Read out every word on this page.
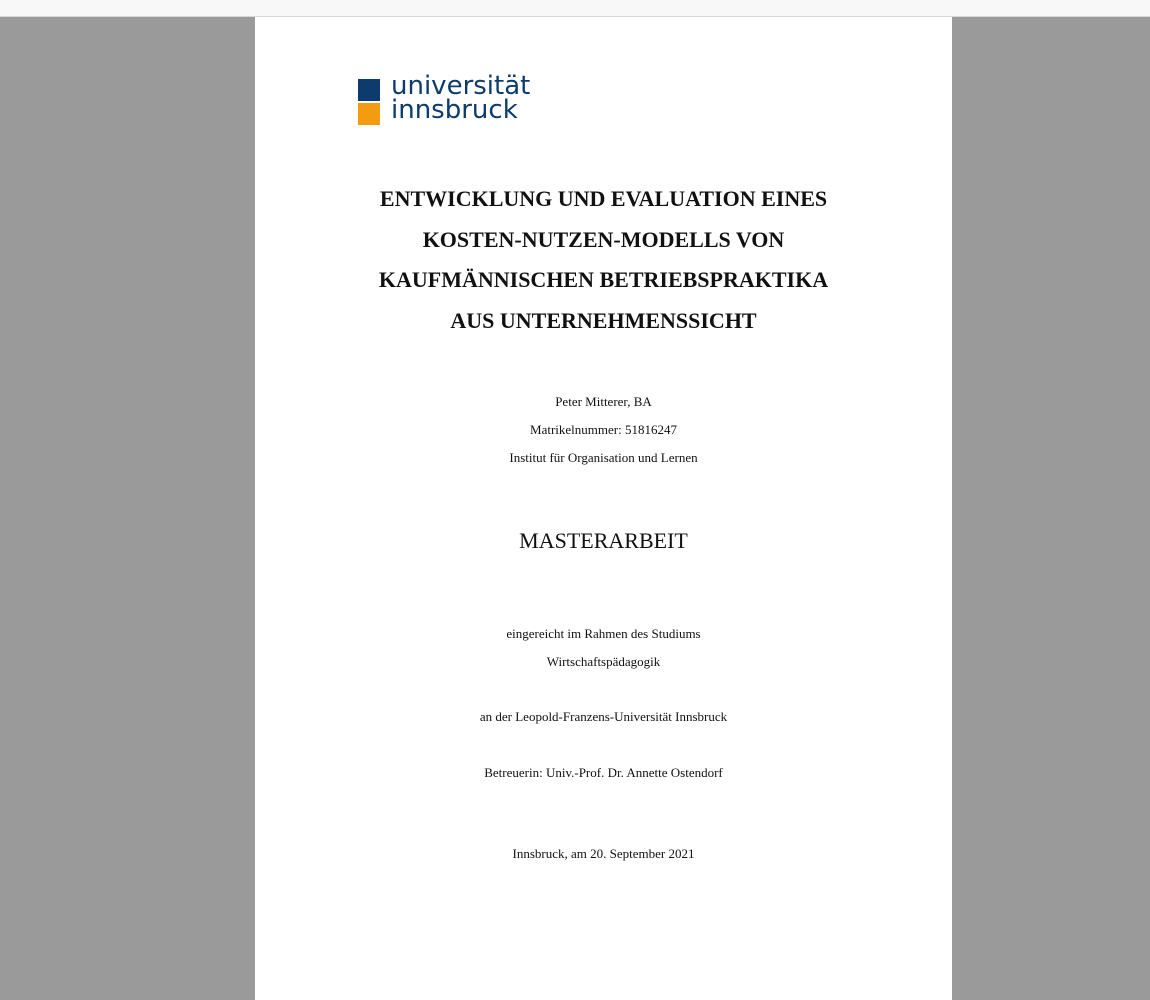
universität
innsbruck
ENTWICKLUNG UND EVALUATION EINES
KOSTEN-NUTZEN-MODELLS VON
KAUFMÄNNISCHEN BETRIEBSPRAKTIKA
AUS UNTERNEHMENSSICHT
Peter Mitterer, BA
Matrikelnummer: 51816247
Institut für Organisation und Lernen
MASTERARBEIT
eingereicht im Rahmen des Studiums
Wirtschaftspädagogik
an der Leopold-Franzens-Universität Innsbruck
Betreuerin: Univ.-Prof. Dr. Annette Ostendorf
Innsbruck, am 20. September 2021
